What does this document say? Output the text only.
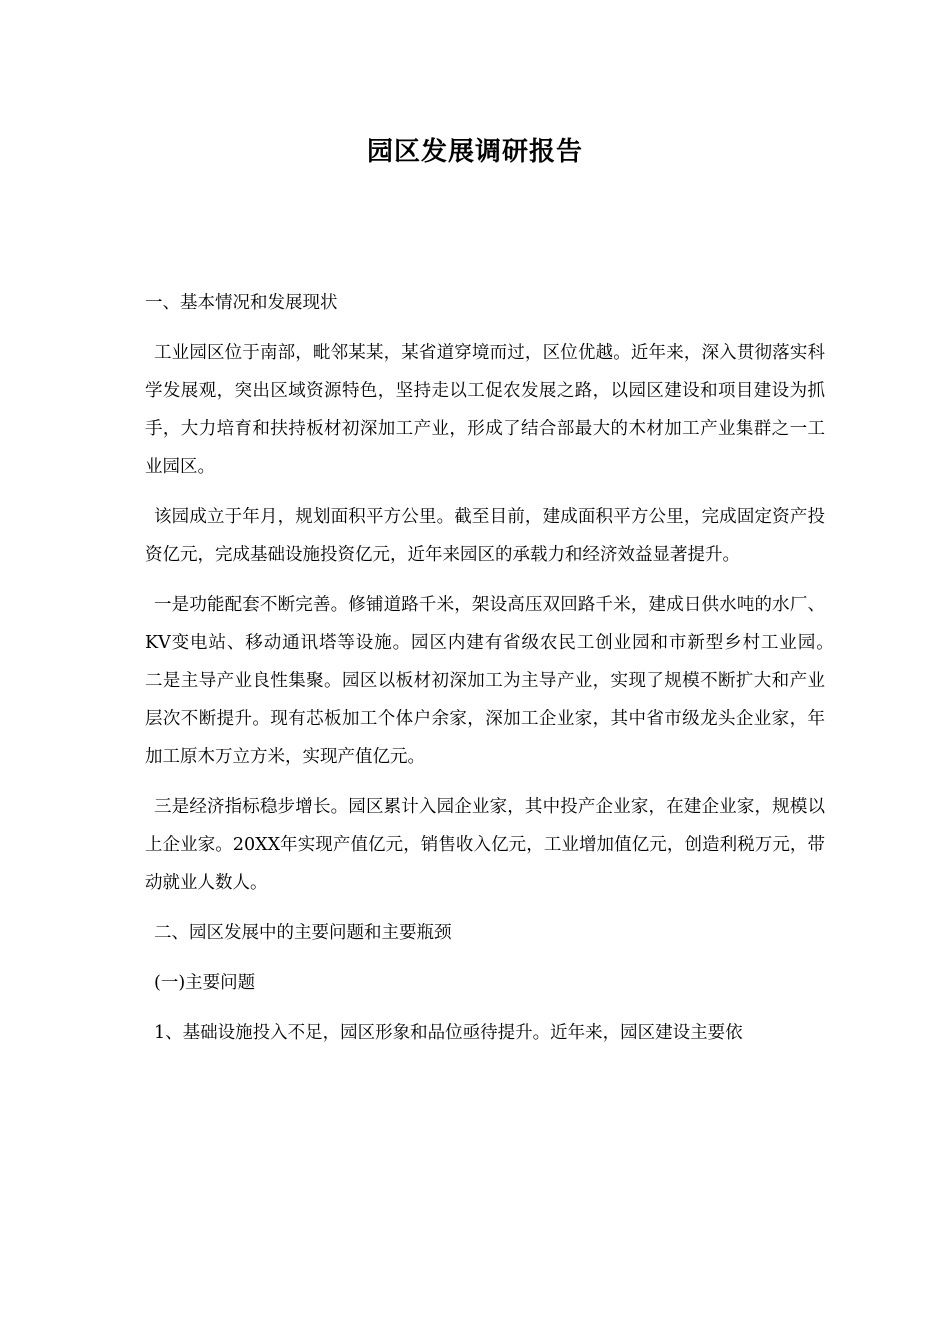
园区发展调研报告

一、基本情况和发展现状

工业园区位于南部，毗邻某某，某省道穿境而过，区位优越。近年来，深入贯彻落实科学发展观，突出区域资源特色，坚持走以工促农发展之路，以园区建设和项目建设为抓手，大力培育和扶持板材初深加工产业，形成了结合部最大的木材加工产业集群之一工业园区。

该园成立于年月，规划面积平方公里。截至目前，建成面积平方公里，完成固定资产投资亿元，完成基础设施投资亿元，近年来园区的承载力和经济效益显著提升。

一是功能配套不断完善。修铺道路千米，架设高压双回路千米，建成日供水吨的水厂、KV变电站、移动通讯塔等设施。园区内建有省级农民工创业园和市新型乡村工业园。　二是主导产业良性集聚。园区以板材初深加工为主导产业，实现了规模不断扩大和产业层次不断提升。现有芯板加工个体户余家，深加工企业家，其中省市级龙头企业家，年加工原木万立方米，实现产值亿元。

三是经济指标稳步增长。园区累计入园企业家，其中投产企业家，在建企业家，规模以上企业家。20XX年实现产值亿元，销售收入亿元，工业增加值亿元，创造利税万元，带动就业人数人。

二、园区发展中的主要问题和主要瓶颈

(一)主要问题

1、基础设施投入不足，园区形象和品位亟待提升。近年来，园区建设主要依
